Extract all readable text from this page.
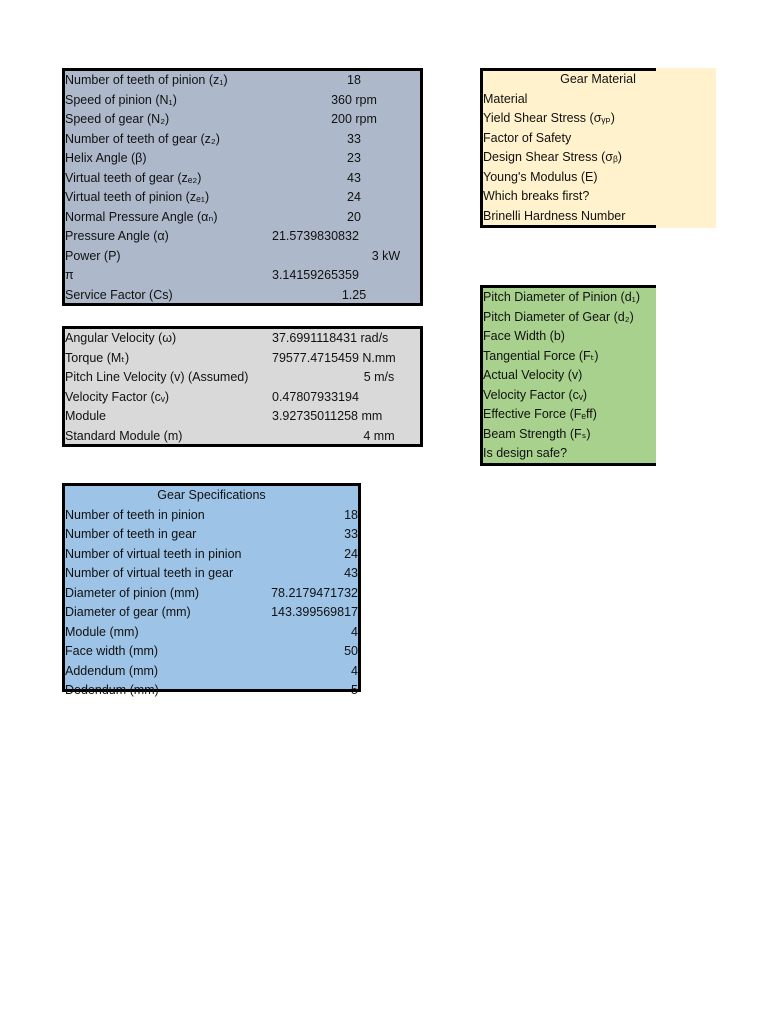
Number of teeth of pinion (z₁)	18
Speed of pinion (N₁)	360 rpm
Speed of gear (N₂)	200 rpm
Number of teeth of gear (z₂)	33
Helix Angle (β)	23
Virtual teeth of gear (zₑ₂)	43
Virtual teeth of pinion (zₑ₁)	24
Normal Pressure Angle (αₙ)	20
Pressure Angle (α)	21.5739830832
Power (P)	3 kW
π	3.14159265359
Service Factor (Cs)	1.25
Angular Velocity (ω)	37.6991118431 rad/s
Torque (Mₜ)	79577.4715459 N.mm
Pitch Line Velocity (v) (Assumed)	5 m/s
Velocity Factor (cᵥ)	0.47807933194
Module	3.92735011258 mm
Standard Module (m)	4 mm
Gear Specifications
Number of teeth in pinion	18
Number of teeth in gear	33
Number of virtual teeth in pinion	24
Number of virtual teeth in gear	43
Diameter of pinion (mm)	78.2179471732
Diameter of gear (mm)	143.399569817
Module (mm)	4
Face width (mm)	50
Addendum (mm)	4
Dedendum (mm)	5
Gear Material
Material
Yield Shear Stress (σᵧₚ)
Factor of Safety
Design Shear Stress (σᵦ)
Young's Modulus (E)
Which breaks first?
Brinelli Hardness Number
Pitch Diameter of Pinion (d₁)
Pitch Diameter of Gear (d₂)
Face Width (b)
Tangential Force (Fₜ)
Actual Velocity (v)
Velocity Factor (cᵥ)
Effective Force (Fₑff)
Beam Strength (Fₛ)
Is design safe?
